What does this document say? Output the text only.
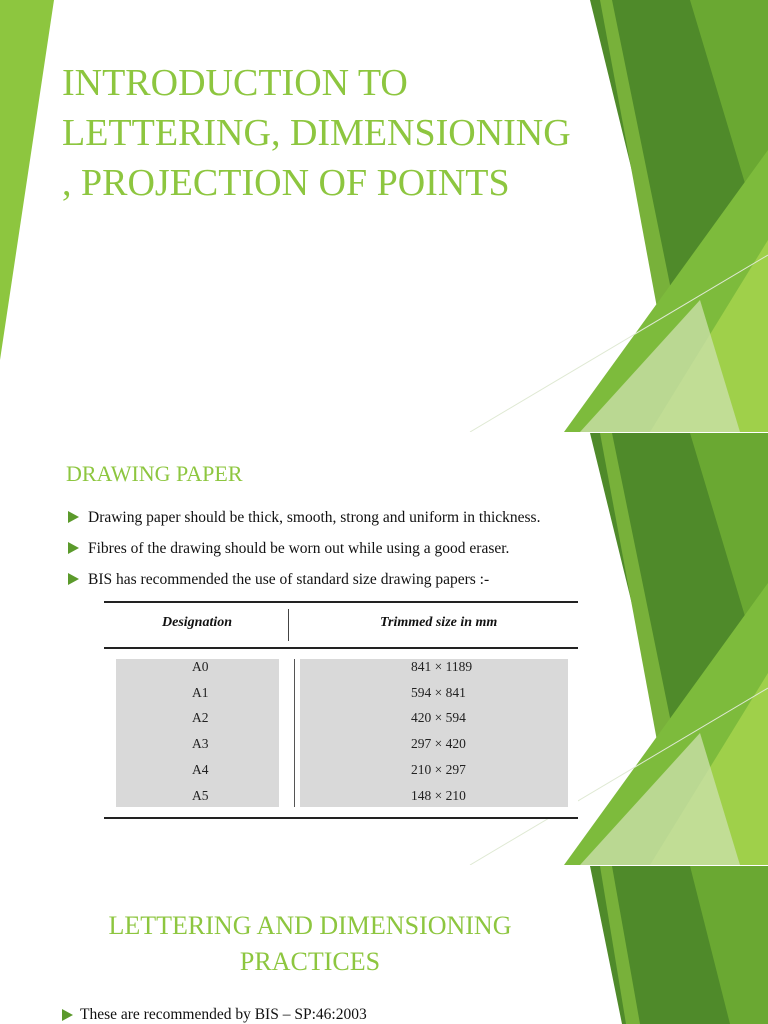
INTRODUCTION TO
LETTERING, DIMENSIONING
, PROJECTION OF POINTS
DRAWING PAPER
Drawing paper should be thick, smooth, strong and uniform in thickness.
Fibres of the drawing should be worn out while using a good eraser.
BIS has recommended the use of standard size drawing papers :-
Designation	Trimmed size in mm
A0	841 × 1189
A1	594 × 841
A2	420 × 594
A3	297 × 420
A4	210 × 297
A5	148 × 210
LETTERING AND DIMENSIONING
PRACTICES
These are recommended by BIS – SP:46:2003
